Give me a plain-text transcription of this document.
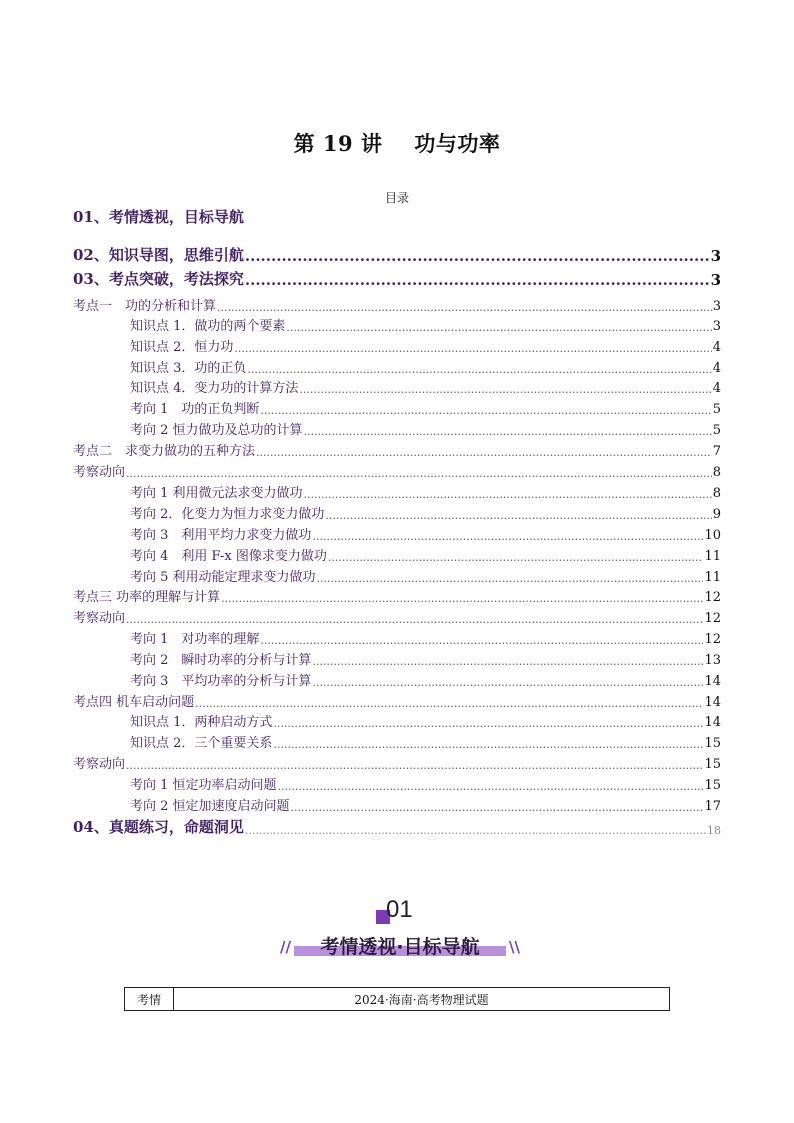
第 19 讲 功与功率
目录
01、考情透视，目标导航
02、知识导图，思维引航 .....	3
03、考点突破，考法探究 .....	3
考点一　功的分析和计算 .....	3
知识点 1．做功的两个要素 .....	3
知识点 2．恒力功 .....	4
知识点 3．功的正负 .....	4
知识点 4．变力功的计算方法 .....	4
考向 1　功的正负判断 .....	5
考向 2 恒力做功及总功的计算 .....	5
考点二　求变力做功的五种方法 .....	7
考察动向 .....	8
考向 1 利用微元法求变力做功 .....	8
考向 2．化变力为恒力求变力做功 .....	9
考向 3　利用平均力求变力做功 .....	10
考向 4　利用 F-x 图像求变力做功 .....	11
考向 5 利用动能定理求变力做功 .....	11
考点三 功率的理解与计算 .....	12
考察动向 .....	12
考向 1　对功率的理解 .....	12
考向 2　瞬时功率的分析与计算 .....	13
考向 3　平均功率的分析与计算 .....	14
考点四 机车启动问题 .....	14
知识点 1．两种启动方式 .....	14
知识点 2．三个重要关系 .....	15
考察动向 .....	15
考向 1 恒定功率启动问题 .....	15
考向 2 恒定加速度启动问题 .....	17
04、真题练习，命题洞见 .....	18
01
//	考情透视·目标导航	\\
考情	2024·海南·高考物理试题
